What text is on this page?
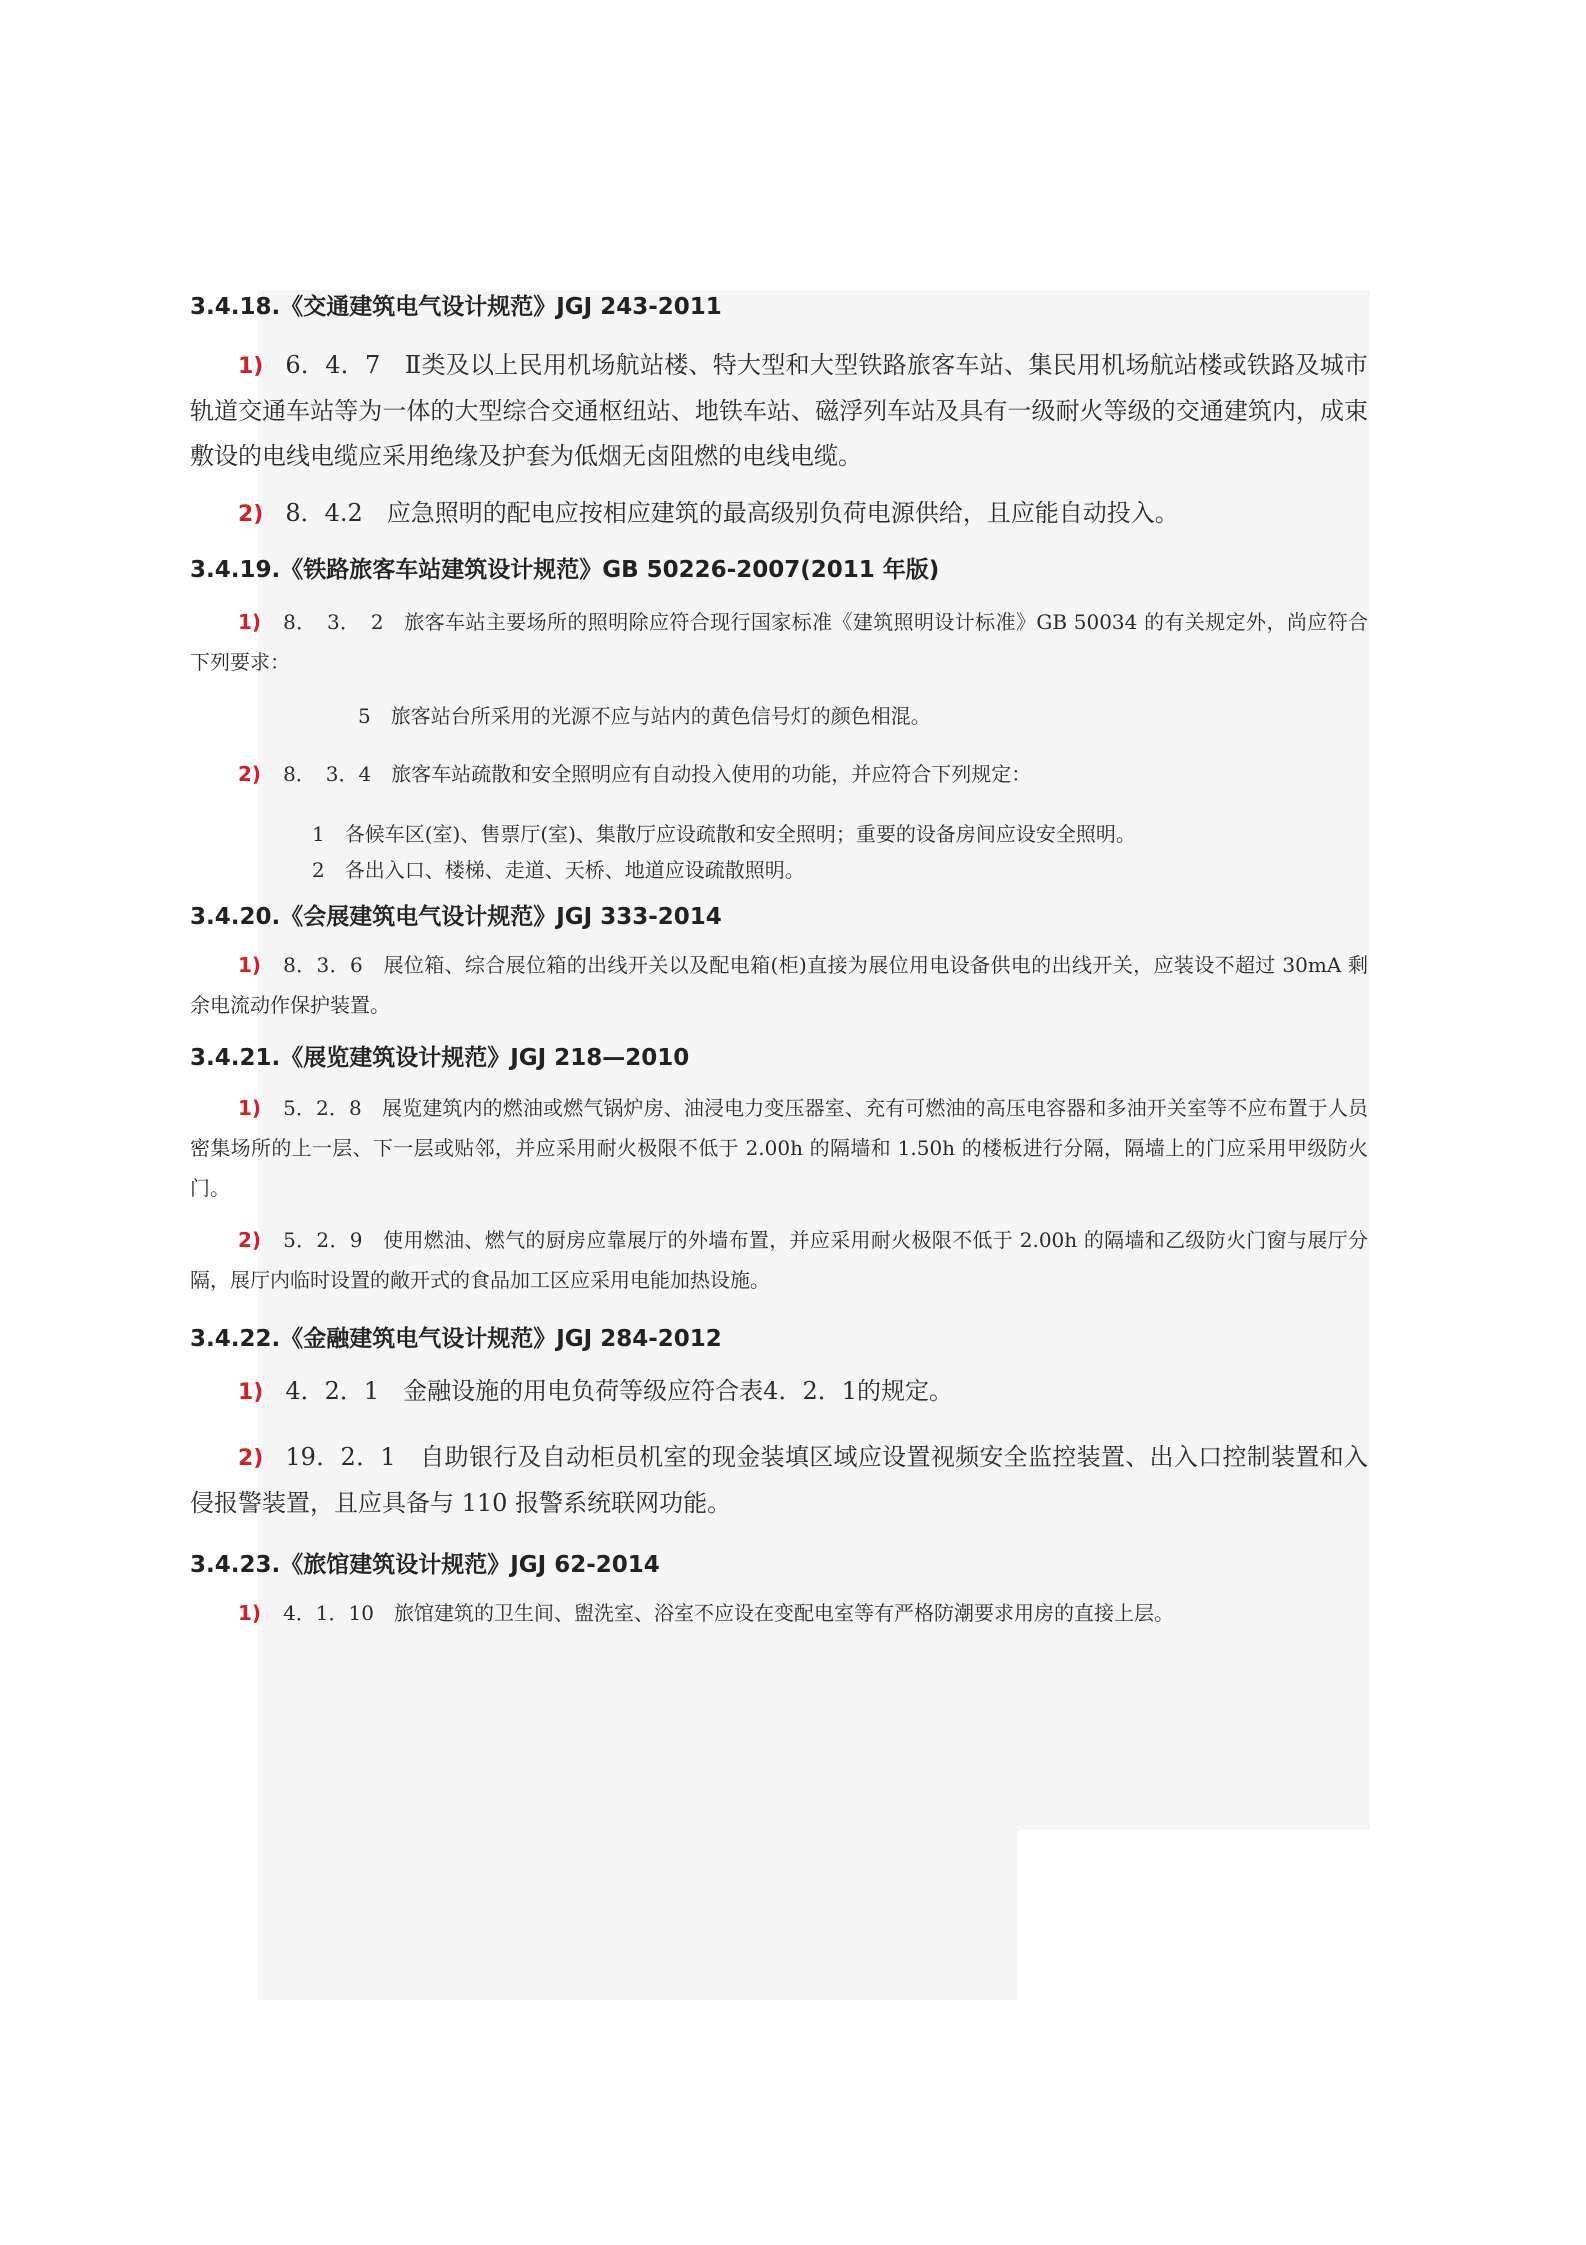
3.4.18.《交通建筑电气设计规范》JGJ 243-2011

1) 6．4．7　Ⅱ类及以上民用机场航站楼、特大型和大型铁路旅客车站、集民用机场航站楼或铁路及城市轨道交通车站等为一体的大型综合交通枢纽站、地铁车站、磁浮列车站及具有一级耐火等级的交通建筑内，成束敷设的电线电缆应采用绝缘及护套为低烟无卤阻燃的电线电缆。

2) 8．4.2　应急照明的配电应按相应建筑的最高级别负荷电源供给，且应能自动投入。

3.4.19.《铁路旅客车站建筑设计规范》GB 50226-2007(2011 年版)

1) 8．　3．　2　旅客车站主要场所的照明除应符合现行国家标准《建筑照明设计标准》GB 50034 的有关规定外，尚应符合下列要求：

5　旅客站台所采用的光源不应与站内的黄色信号灯的颜色相混。

2) 8．　3．4　旅客车站疏散和安全照明应有自动投入使用的功能，并应符合下列规定：

1　各候车区(室)、售票厅(室)、集散厅应设疏散和安全照明；重要的设备房间应设安全照明。

2　各出入口、楼梯、走道、天桥、地道应设疏散照明。

3.4.20.《会展建筑电气设计规范》JGJ 333-2014

1) 8．3．6　展位箱、综合展位箱的出线开关以及配电箱(柜)直接为展位用电设备供电的出线开关，应装设不超过 30mA 剩余电流动作保护装置。

3.4.21.《展览建筑设计规范》JGJ 218—2010

1) 5．2．8　展览建筑内的燃油或燃气锅炉房、油浸电力变压器室、充有可燃油的高压电容器和多油开关室等不应布置于人员密集场所的上一层、下一层或贴邻，并应采用耐火极限不低于 2.00h 的隔墙和 1.50h 的楼板进行分隔，隔墙上的门应采用甲级防火门。

2) 5．2．9　使用燃油、燃气的厨房应靠展厅的外墙布置，并应采用耐火极限不低于 2.00h 的隔墙和乙级防火门窗与展厅分隔，展厅内临时设置的敞开式的食品加工区应采用电能加热设施。

3.4.22.《金融建筑电气设计规范》JGJ 284-2012

1) 4．2．1　金融设施的用电负荷等级应符合表4．2．1的规定。

2) 19．2．1　自助银行及自动柜员机室的现金装填区域应设置视频安全监控装置、出入口控制装置和入侵报警装置，且应具备与 110 报警系统联网功能。

3.4.23.《旅馆建筑设计规范》JGJ 62-2014

1) 4．1．10　旅馆建筑的卫生间、盥洗室、浴室不应设在变配电室等有严格防潮要求用房的直接上层。
